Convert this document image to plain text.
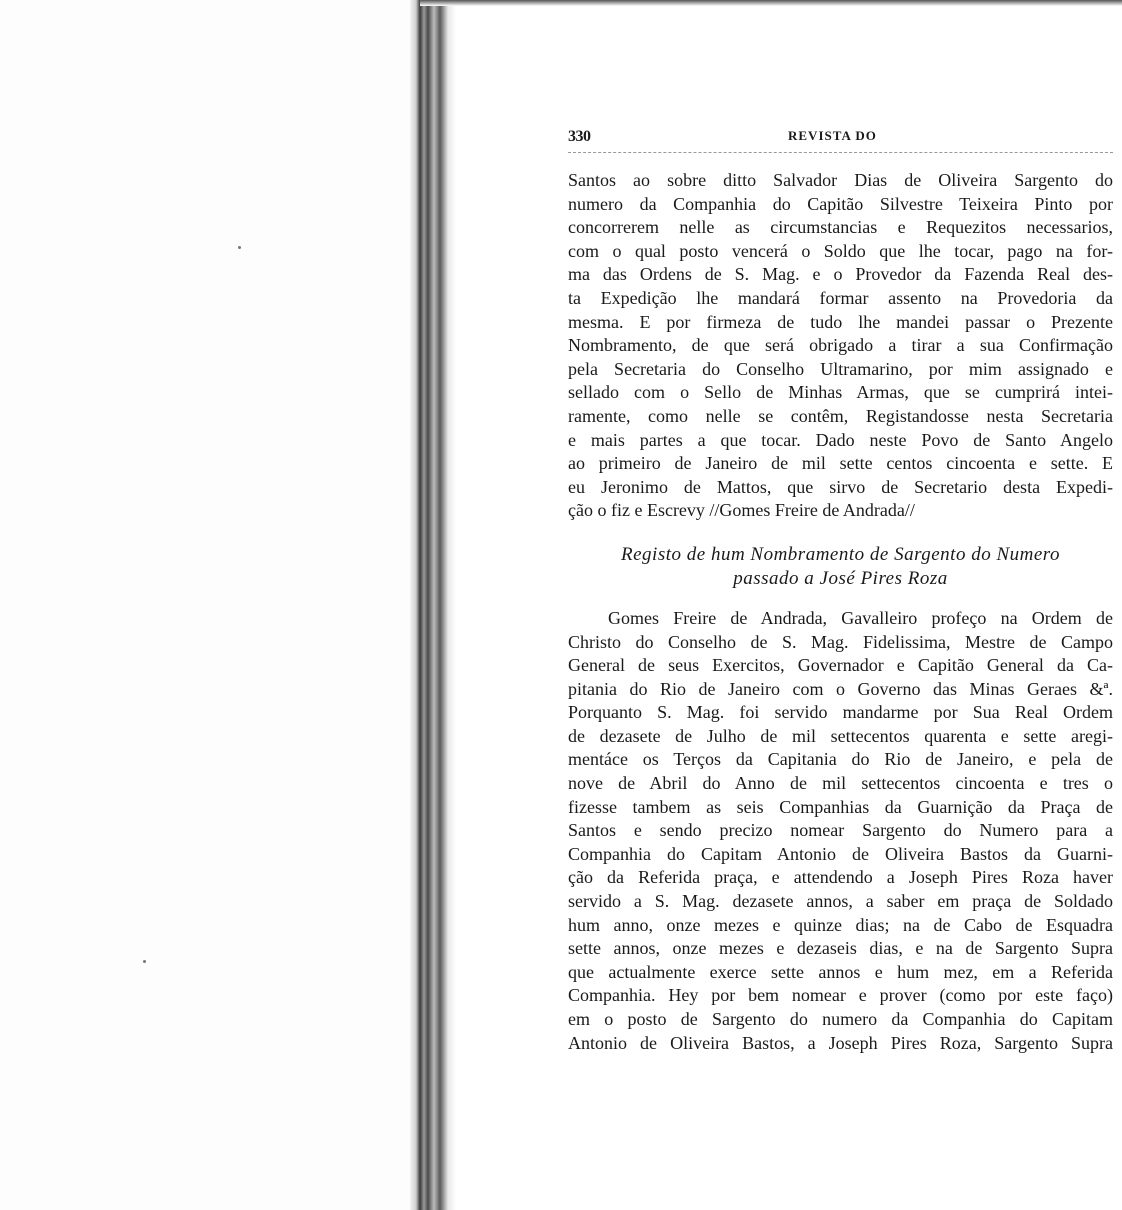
330	REVISTA DO
Santos ao sobre ditto Salvador Dias de Oliveira Sargento do
numero da Companhia do Capitão Silvestre Teixeira Pinto por
concorrerem nelle as circumstancias e Requezitos necessarios,
com o qual posto vencerá o Soldo que lhe tocar, pago na for-
ma das Ordens de S. Mag. e o Provedor da Fazenda Real des-
ta Expedição lhe mandará formar assento na Provedoria da
mesma. E por firmeza de tudo lhe mandei passar o Prezente
Nombramento, de que será obrigado a tirar a sua Confirmação
pela Secretaria do Conselho Ultramarino, por mim assignado e
sellado com o Sello de Minhas Armas, que se cumprirá intei-
ramente, como nelle se contêm, Registandosse nesta Secretaria
e mais partes a que tocar. Dado neste Povo de Santo Angelo
ao primeiro de Janeiro de mil sette centos cincoenta e sette. E
eu Jeronimo de Mattos, que sirvo de Secretario desta Expedi-
ção o fiz e Escrevy //Gomes Freire de Andrada//
Registo de hum Nombramento de Sargento do Numero
passado a José Pires Roza
Gomes Freire de Andrada, Gavalleiro profeço na Ordem de
Christo do Conselho de S. Mag. Fidelissima, Mestre de Campo
General de seus Exercitos, Governador e Capitão General da Ca-
pitania do Rio de Janeiro com o Governo das Minas Geraes &ª.
Porquanto S. Mag. foi servido mandarme por Sua Real Ordem
de dezasete de Julho de mil settecentos quarenta e sette aregi-
mentáce os Terços da Capitania do Rio de Janeiro, e pela de
nove de Abril do Anno de mil settecentos cincoenta e tres o
fizesse tambem as seis Companhias da Guarnição da Praça de
Santos e sendo precizo nomear Sargento do Numero para a
Companhia do Capitam Antonio de Oliveira Bastos da Guarni-
ção da Referida praça, e attendendo a Joseph Pires Roza haver
servido a S. Mag. dezasete annos, a saber em praça de Soldado
hum anno, onze mezes e quinze dias; na de Cabo de Esquadra
sette annos, onze mezes e dezaseis dias, e na de Sargento Supra
que actualmente exerce sette annos e hum mez, em a Referida
Companhia. Hey por bem nomear e prover (como por este faço)
em o posto de Sargento do numero da Companhia do Capitam
Antonio de Oliveira Bastos, a Joseph Pires Roza, Sargento Supra
